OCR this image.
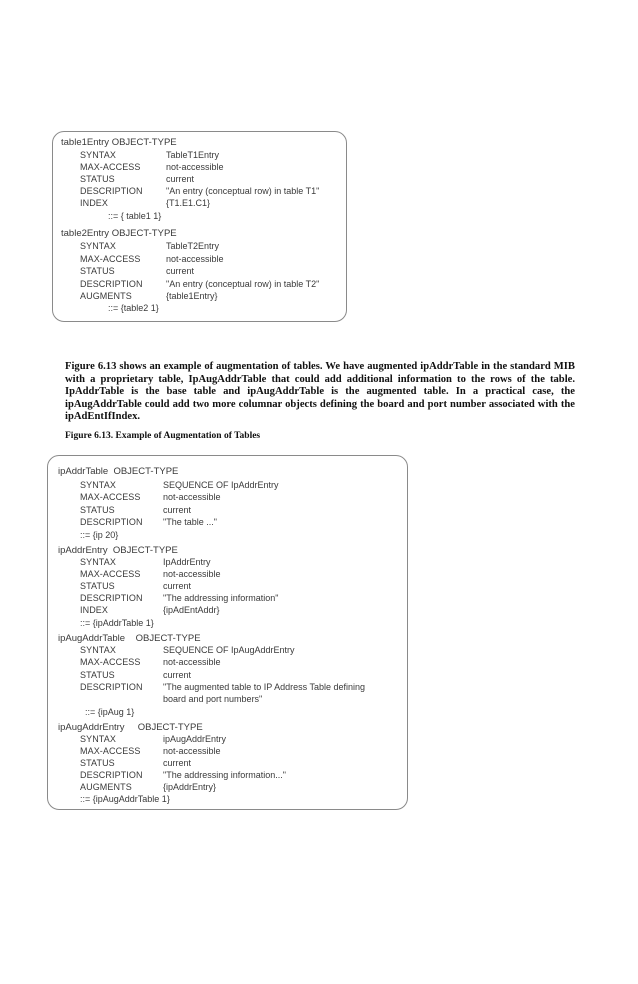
table1Entry OBJECT-TYPE
SYNTAX	TableT1Entry
MAX-ACCESS	not-accessible
STATUS	current
DESCRIPTION	"An entry (conceptual row) in table T1"
INDEX	{T1.E1.C1}
::= { table1 1}
table2Entry OBJECT-TYPE
SYNTAX	TableT2Entry
MAX-ACCESS	not-accessible
STATUS	current
DESCRIPTION	"An entry (conceptual row) in table T2"
AUGMENTS	{table1Entry}
::= {table2 1}
Figure 6.13 shows an example of augmentation of tables. We have augmented ipAddrTable in the standard MIB with a proprietary table, IpAugAddrTable that could add additional information to the rows of the table. IpAddrTable is the base table and ipAugAddrTable is the augmented table. In a practical case, the ipAugAddrTable could add two more columnar objects defining the board and port number associated with the ipAdEntIfIndex.
Figure 6.13. Example of Augmentation of Tables
ipAddrTable  OBJECT-TYPE
SYNTAX	SEQUENCE OF IpAddrEntry
MAX-ACCESS not-accessible
STATUS	current
DESCRIPTION "The table ..."
::= {ip 20}
ipAddrEntry  OBJECT-TYPE
SYNTAX	IpAddrEntry
MAX-ACCESS not-accessible
STATUS	current
DESCRIPTION "The addressing information"
INDEX	{ipAdEntAddr}
::= {ipAddrTable 1}
ipAugAddrTable    OBJECT-TYPE
SYNTAX	SEQUENCE OF IpAugAddrEntry
MAX-ACCESS not-accessible
STATUS	current
DESCRIPTION "The augmented table to IP Address Table defining
board and port numbers"
::= {ipAug 1}
ipAugAddrEntry     OBJECT-TYPE
SYNTAX	ipAugAddrEntry
MAX-ACCESS not-accessible
STATUS	current
DESCRIPTION "The addressing information..."
AUGMENTS	{ipAddrEntry}
::= {ipAugAddrTable 1}
